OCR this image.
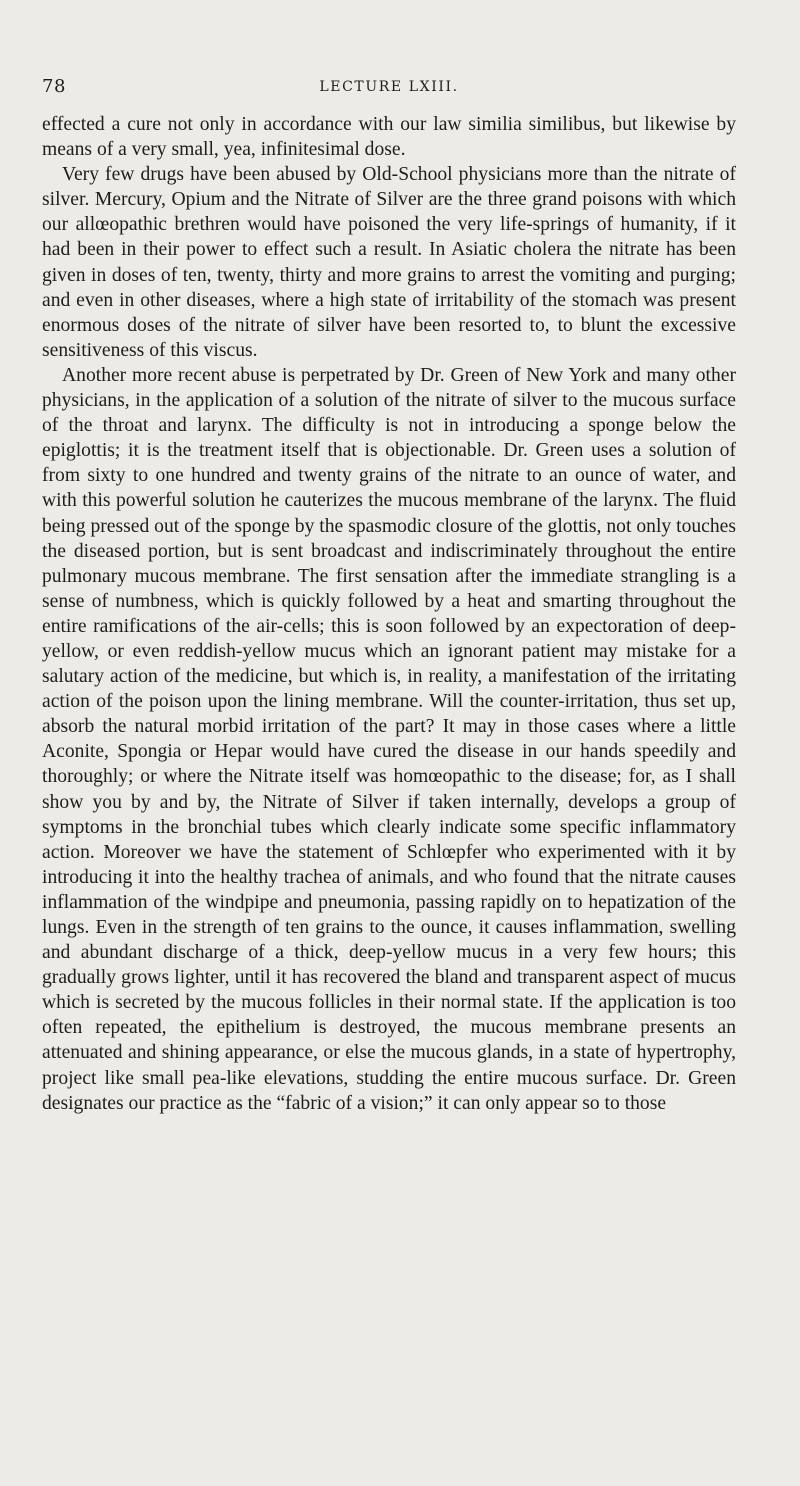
78	LECTURE LXIII.

effected a cure not only in accordance with our law similia similibus, but likewise by means of a very small, yea, infinitesimal dose.

Very few drugs have been abused by Old-School physicians more than the nitrate of silver. Mercury, Opium and the Nitrate of Silver are the three grand poisons with which our allœopathic brethren would have poisoned the very life-springs of humanity, if it had been in their power to effect such a result. In Asiatic cholera the nitrate has been given in doses of ten, twenty, thirty and more grains to arrest the vomiting and purging; and even in other diseases, where a high state of irritability of the stomach was present enormous doses of the nitrate of silver have been resorted to, to blunt the excessive sensitiveness of this viscus.

Another more recent abuse is perpetrated by Dr. Green of New York and many other physicians, in the application of a solution of the nitrate of silver to the mucous surface of the throat and larynx. The difficulty is not in introducing a sponge below the epiglottis; it is the treatment itself that is objectionable. Dr. Green uses a solution of from sixty to one hundred and twenty grains of the nitrate to an ounce of water, and with this powerful solution he cauterizes the mucous membrane of the larynx. The fluid being pressed out of the sponge by the spasmodic closure of the glottis, not only touches the diseased portion, but is sent broadcast and indiscriminately throughout the entire pulmonary mucous membrane. The first sensation after the immediate strangling is a sense of numbness, which is quickly followed by a heat and smarting throughout the entire ramifications of the air-cells; this is soon followed by an expectoration of deep-yellow, or even reddish-yellow mucus which an ignorant patient may mistake for a salutary action of the medicine, but which is, in reality, a manifestation of the irritating action of the poison upon the lining membrane. Will the counter-irritation, thus set up, absorb the natural morbid irritation of the part? It may in those cases where a little Aconite, Spongia or Hepar would have cured the disease in our hands speedily and thoroughly; or where the Nitrate itself was homœopathic to the disease; for, as I shall show you by and by, the Nitrate of Silver if taken internally, develops a group of symptoms in the bronchial tubes which clearly indicate some specific inflammatory action. Moreover we have the statement of Schlœpfer who experimented with it by introducing it into the healthy trachea of animals, and who found that the nitrate causes inflammation of the windpipe and pneumonia, passing rapidly on to hepatization of the lungs. Even in the strength of ten grains to the ounce, it causes inflammation, swelling and abundant discharge of a thick, deep-yellow mucus in a very few hours; this gradually grows lighter, until it has recovered the bland and transparent aspect of mucus which is secreted by the mucous follicles in their normal state. If the application is too often repeated, the epithelium is destroyed, the mucous membrane presents an attenuated and shining appearance, or else the mucous glands, in a state of hypertrophy, project like small pea-like elevations, studding the entire mucous surface. Dr. Green designates our practice as the “fabric of a vision;” it can only appear so to those
